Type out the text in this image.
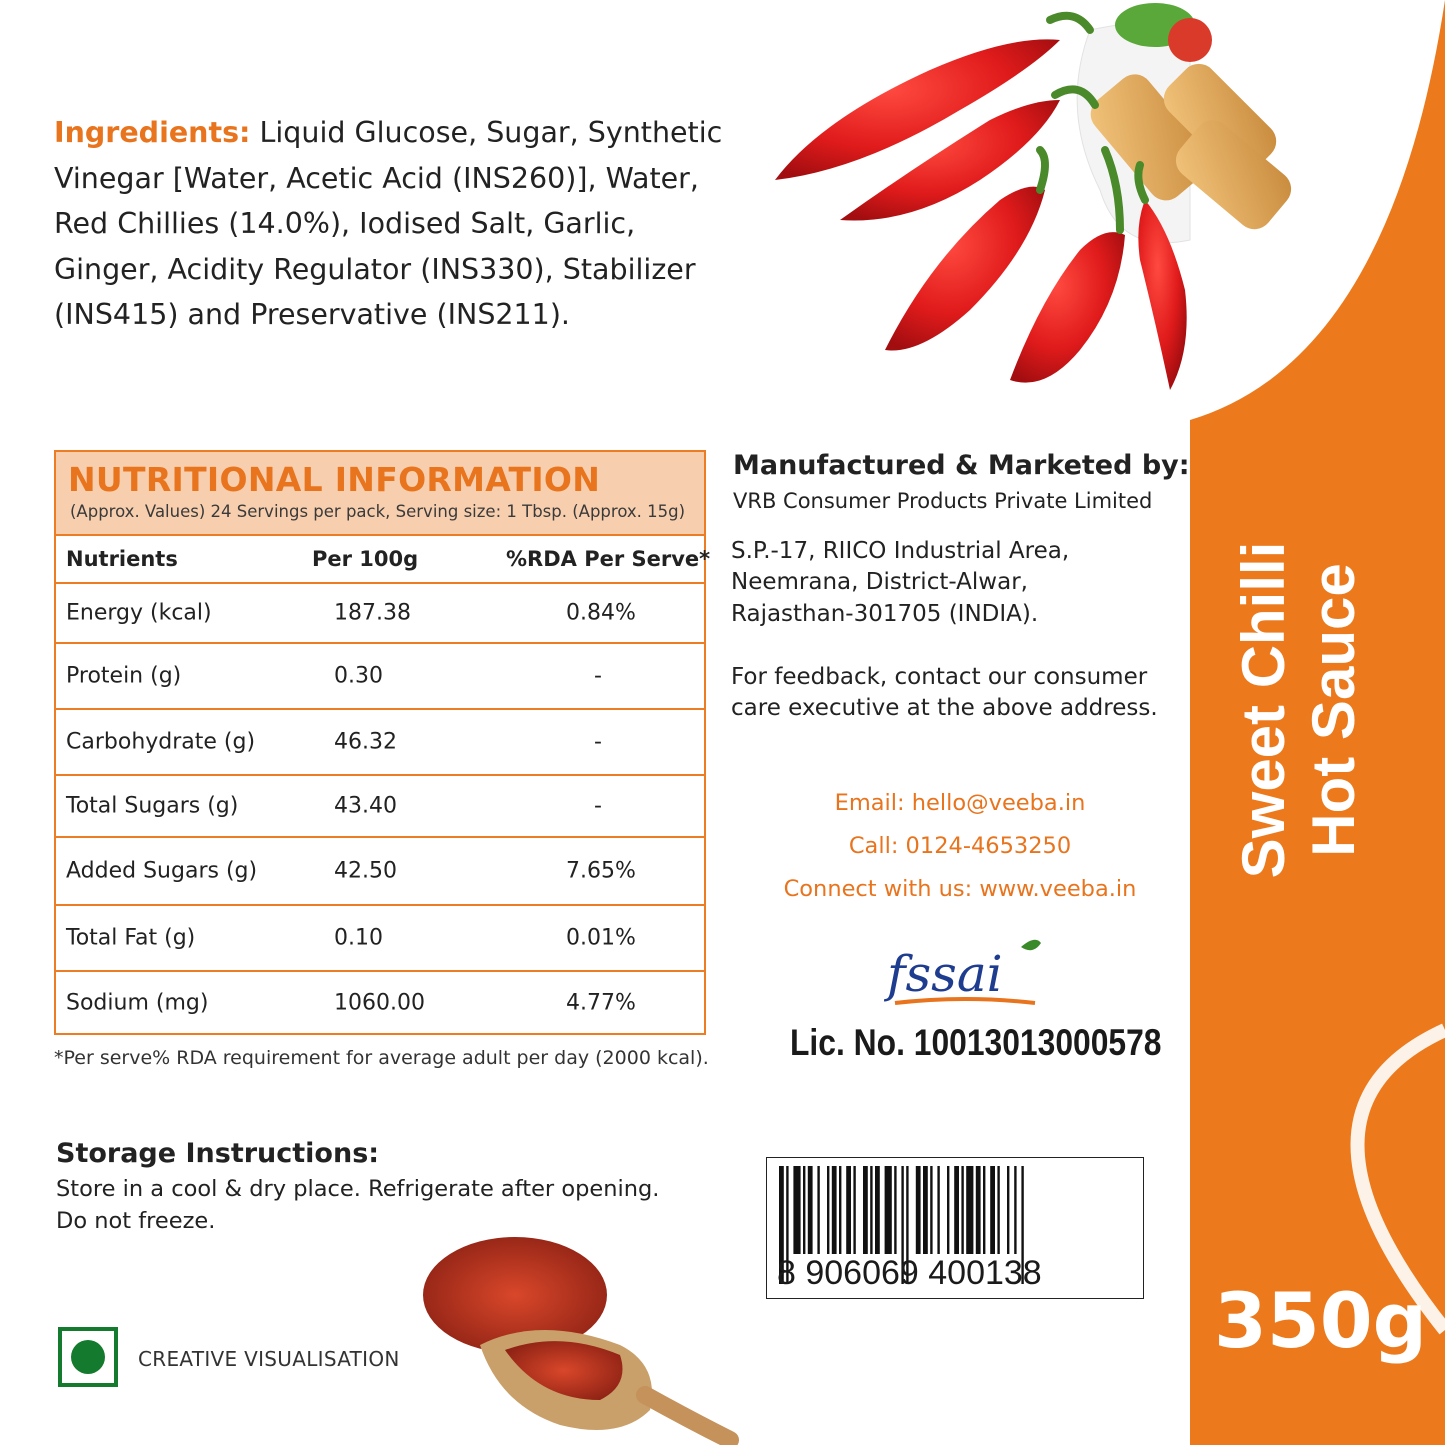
Ingredients: Liquid Glucose, Sugar, Synthetic Vinegar [Water, Acetic Acid (INS260)], Water, Red Chillies (14.0%), Iodised Salt, Garlic, Ginger, Acidity Regulator (INS330), Stabilizer (INS415) and Preservative (INS211).
NUTRITIONAL INFORMATION
(Approx. Values) 24 Servings per pack, Serving size: 1 Tbsp. (Approx. 15g)
Nutrients	Per 100g	%RDA Per Serve*
Energy (kcal)	187.38	0.84%
Protein (g)	0.30	-
Carbohydrate (g)	46.32	-
Total Sugars (g)	43.40	-
Added Sugars (g)	42.50	7.65%
Total Fat (g)	0.10	0.01%
Sodium (mg)	1060.00	4.77%
*Per serve% RDA requirement for average adult per day (2000 kcal).
Storage Instructions:
Store in a cool & dry place. Refrigerate after opening.
Do not freeze.
CREATIVE VISUALISATION
Manufactured & Marketed by:
VRB Consumer Products Private Limited
S.P.-17, RIICO Industrial Area,
Neemrana, District-Alwar,
Rajasthan-301705 (INDIA).
For feedback, contact our consumer
care executive at the above address.
Email: hello@veeba.in
Call: 0124-4653250
Connect with us: www.veeba.in
fssai
Lic. No. 10013013000578
8 906069 400138
Sweet Chilli Hot Sauce
350g
